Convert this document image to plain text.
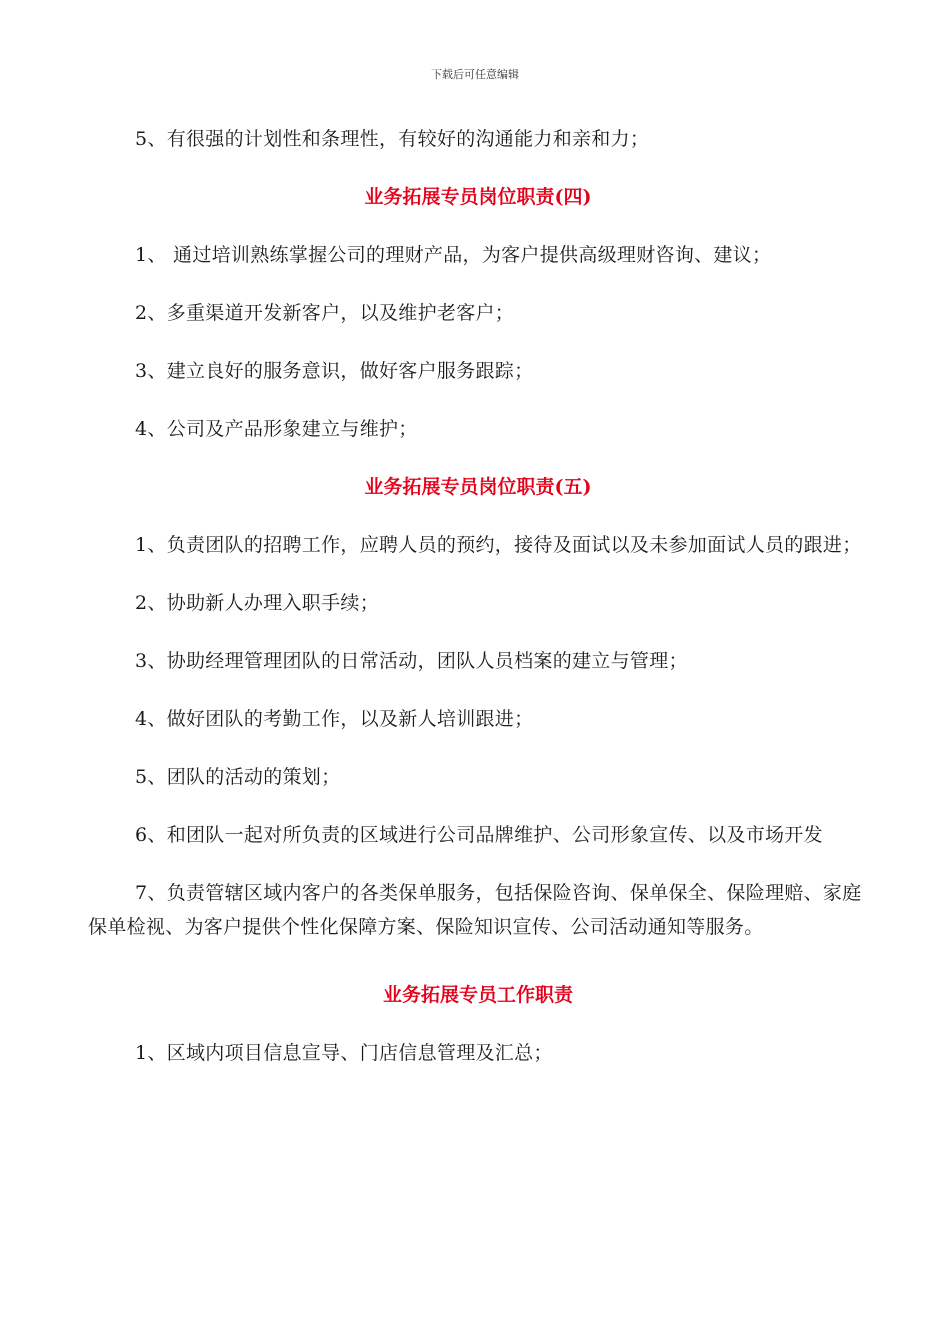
下载后可任意编辑

5、有很强的计划性和条理性，有较好的沟通能力和亲和力；

业务拓展专员岗位职责(四)

1、 通过培训熟练掌握公司的理财产品，为客户提供高级理财咨询、建议；

2、多重渠道开发新客户，以及维护老客户；

3、建立良好的服务意识，做好客户服务跟踪；

4、公司及产品形象建立与维护；

业务拓展专员岗位职责(五)

1、负责团队的招聘工作，应聘人员的预约，接待及面试以及未参加面试人员的跟进；

2、协助新人办理入职手续；

3、协助经理管理团队的日常活动，团队人员档案的建立与管理；

4、做好团队的考勤工作，以及新人培训跟进；

5、团队的活动的策划；

6、和团队一起对所负责的区域进行公司品牌维护、公司形象宣传、以及市场开发

7、负责管辖区域内客户的各类保单服务，包括保险咨询、保单保全、保险理赔、家庭保单检视、为客户提供个性化保障方案、保险知识宣传、公司活动通知等服务。

业务拓展专员工作职责

1、区域内项目信息宣导、门店信息管理及汇总；
